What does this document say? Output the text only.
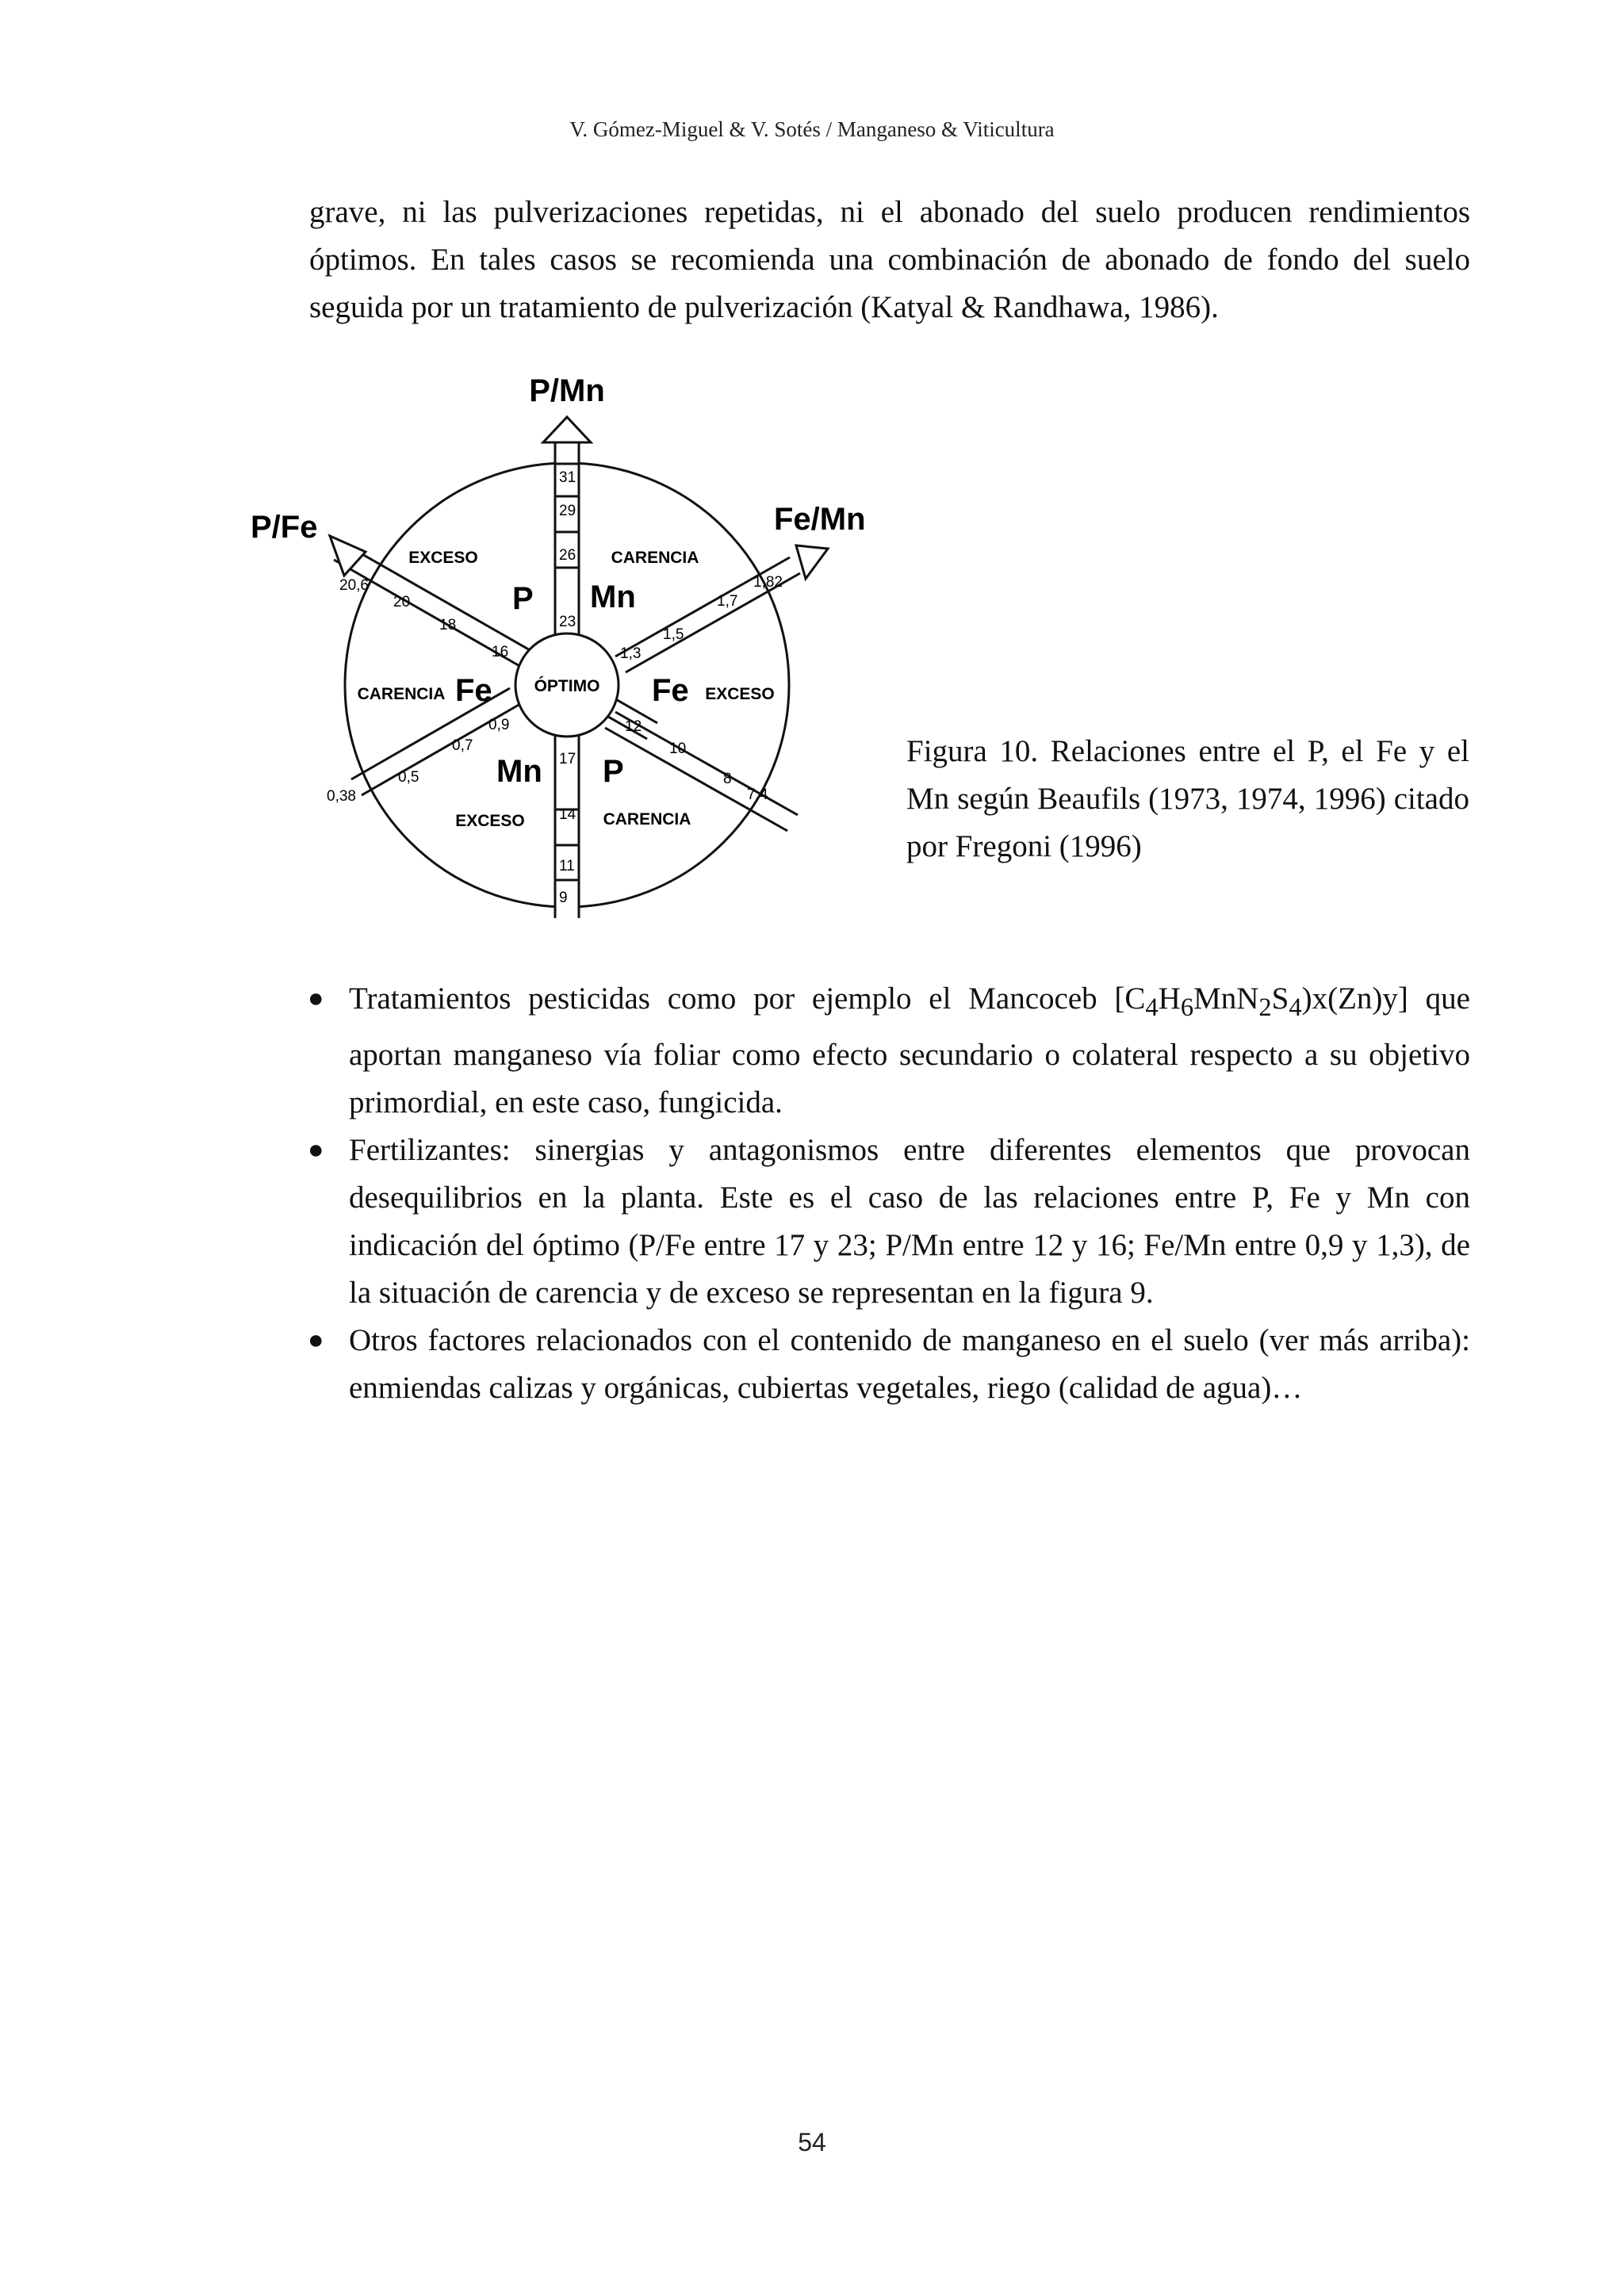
V. Gómez-Miguel & V. Sotés / Manganeso & Viticultura

grave, ni las pulverizaciones repetidas, ni el abonado del suelo producen rendimientos óptimos. En tales casos se recomienda una combinación de abonado de fondo del suelo seguida por un tratamiento de pulverización (Katyal & Randhawa, 1986).

P/Mn
P/Fe	Fe/Mn
ÓPTIMO
EXCESO
P
CARENCIA
Mn
CARENCIA Fe	Fe EXCESO
Mn
EXCESO
P
CARENCIA
31
29
26
23
17
14
11
9
20,6
20
18
16
0,9
0,7
0,5
0,38
1,82
1,7
1,5
1,3
12
10
8
7,4

Figura 10. Relaciones entre el P, el Fe y el Mn según Beaufils (1973, 1974, 1996) citado por Fregoni (1996)

● Tratamientos pesticidas como por ejemplo el Mancoceb $[C_4H_6MnN_2S_4)x(Zn)y$] que aportan manganeso vía foliar como efecto secundario o colateral respecto a su objetivo primordial, en este caso, fungicida.
● Fertilizantes: sinergias y antagonismos entre diferentes elementos que provocan desequilibrios en la planta. Este es el caso de las relaciones entre P, Fe y Mn con indicación del óptimo (P/Fe entre 17 y 23; P/Mn entre 12 y 16; Fe/Mn entre 0,9 y 1,3), de la situación de carencia y de exceso se representan en la figura 9.
● Otros factores relacionados con el contenido de manganeso en el suelo (ver más arriba): enmiendas calizas y orgánicas, cubiertas vegetales, riego (calidad de agua)…
54
